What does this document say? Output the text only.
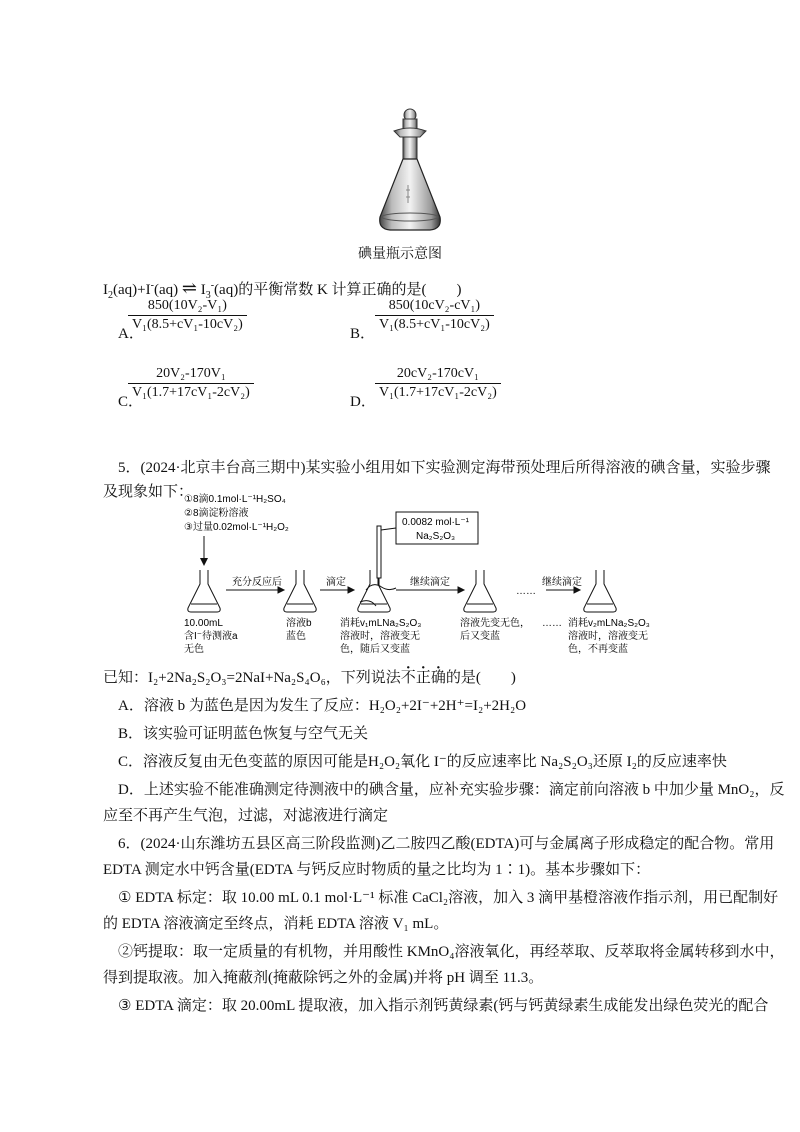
碘量瓶示意图
$I_2(aq)+I^-(aq)$ ⇌ $I_3^-(aq)$的平衡常数 K 计算正确的是(　　)
A．
$\frac{\text{850(10V₂-V₁)}}{\text{V₁(8.5+cV₁-10cV₂)}}$
B．
$\frac{\text{850(10cV₂-cV₁)}}{\text{V₁(8.5+cV₁-10cV₂)}}$
C．
$\frac{\text{20V₂-170V₁}}{\text{V₁(1.7+17cV₁-2cV₂)}}$
D．
$\frac{\text{20cV₂-170cV₁}}{\text{V₁(1.7+17cV₁-2cV₂)}}$
5．(2024·北京丰台高三期中)某实验小组用如下实验测定海带预处理后所得溶液的碘含量，实验步骤
及现象如下：
①8滴0.1mol·L⁻¹H₂SO₄
②8滴淀粉溶液
③过量0.02mol·L⁻¹H₂O₂
充分反应后	滴定	继续滴定
……
继续滴定
0.0082 mol·L⁻¹
Na₂S₂O₃
10.00mL
含I⁻待测液a
无色
溶液b
蓝色
消耗v₁mLNa₂S₂O₃
溶液时，溶液变无
色，随后又变蓝
溶液先变无色，
后又变蓝
…… 消耗v₂mLNa₂S₂O₃
溶液时，溶液变无
色，不再变蓝
已知：I₂+2Na₂S₂O₃=2NaI+Na₂S₄O₆，下列说法不正确的是(　　)
A．溶液 b 为蓝色是因为发生了反应：H₂O₂+2I⁻+2H⁺=I₂+2H₂O
B．该实验可证明蓝色恢复与空气无关
C．溶液反复由无色变蓝的原因可能是H₂O₂氧化 I⁻的反应速率比 Na₂S₂O₃还原 I₂的反应速率快
D．上述实验不能准确测定待测液中的碘含量，应补充实验步骤：滴定前向溶液 b 中加少量 MnO₂，反
应至不再产生气泡，过滤，对滤液进行滴定
6．(2024·山东潍坊五县区高三阶段监测)乙二胺四乙酸(EDTA)可与金属离子形成稳定的配合物。常用
EDTA 测定水中钙含量(EDTA 与钙反应时物质的量之比均为 1∶1)。基本步骤如下：
① EDTA 标定：取 10.00 mL 0.1 mol·L⁻¹ 标准 CaCl₂溶液，加入 3 滴甲基橙溶液作指示剂，用已配制好
的 EDTA 溶液滴定至终点，消耗 EDTA 溶液 V₁ mL。
②钙提取：取一定质量的有机物，并用酸性 KMnO₄溶液氧化，再经萃取、反萃取将金属转移到水中，
得到提取液。加入掩蔽剂(掩蔽除钙之外的金属)并将 pH 调至 11.3。
③ EDTA 滴定：取 20.00mL 提取液，加入指示剂钙黄绿素(钙与钙黄绿素生成能发出绿色荧光的配合
